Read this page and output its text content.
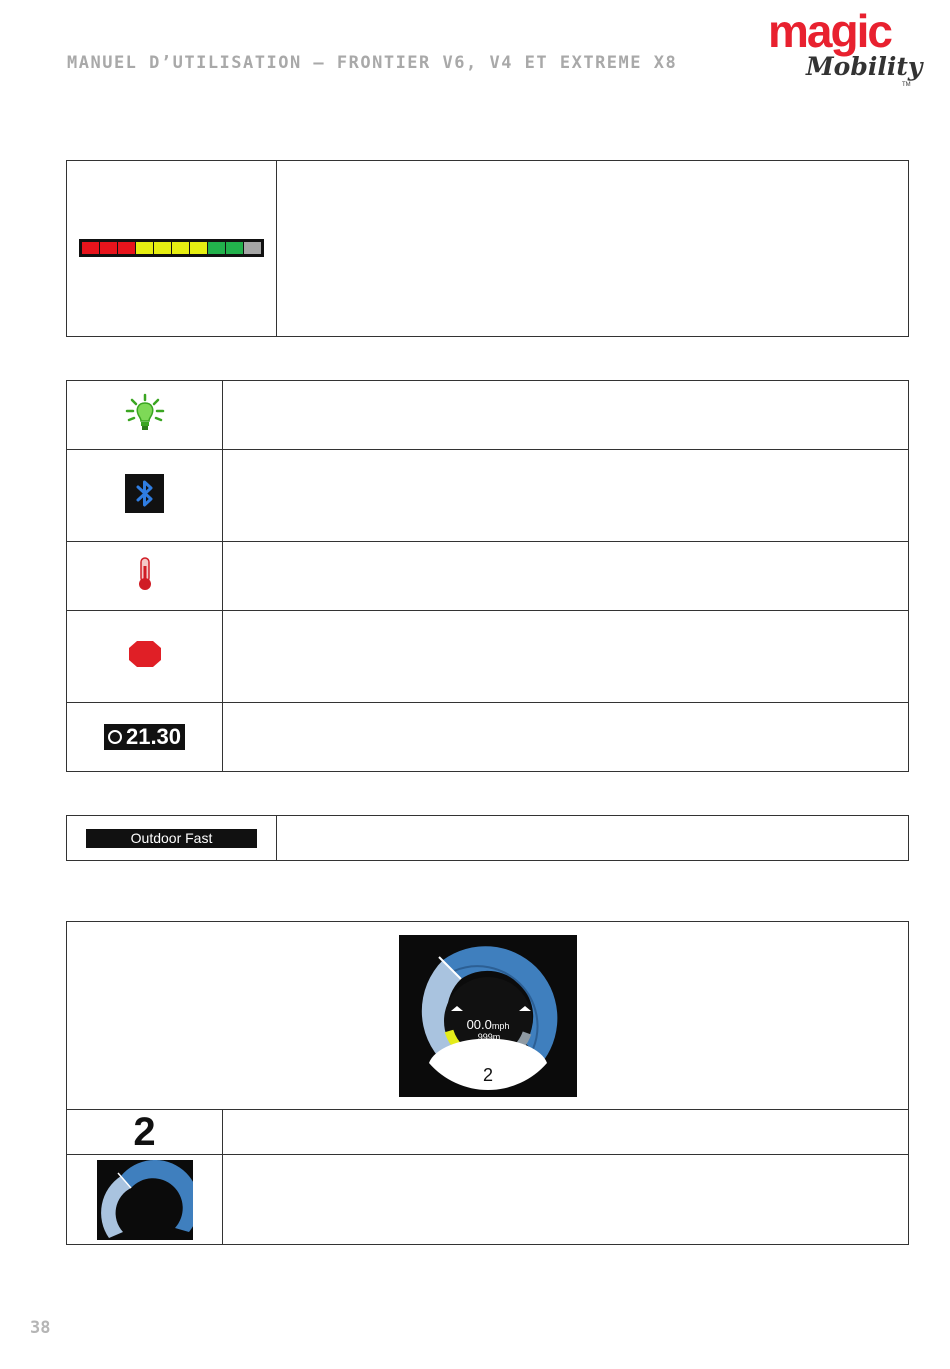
MANUEL D’UTILISATION – FRONTIER V6, V4 ET EXTREME X8
magic
Mobility
TM

21.30	

Outdoor Fast	
00.0mph
999m
2	

2	

38
